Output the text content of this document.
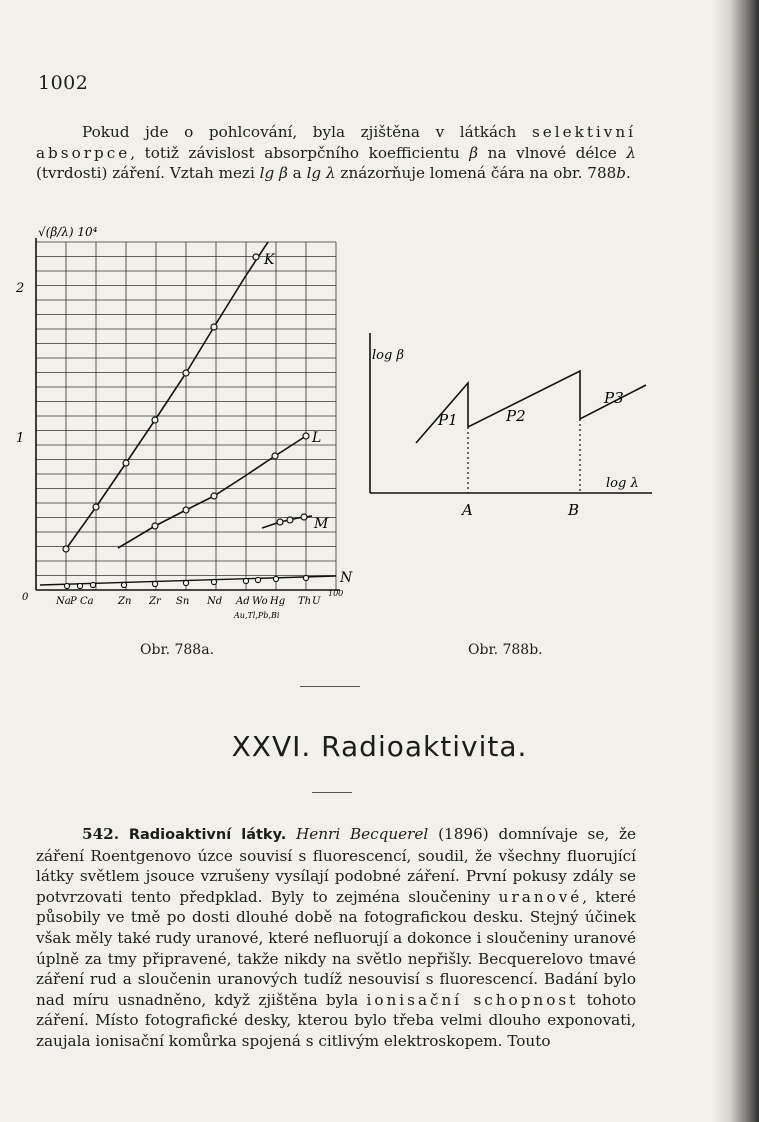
1002

Pokud jde o pohlcování, byla zjištěna v látkách selektivní absorpce, totiž závislost absorpčního koefficientu β na vlnové délce λ (tvrdosti) záření. Vztah mezi lg β a lg λ znázorňuje lomená čára na obr. 788b.

√(β/λ) 10⁴
2
1
0
K
L
M
N
100
Na P Ca Zn Zr Sn Nd Ad Wo Hg Th U
Au,Tl,Pb,Bi
Obr. 788a.
log β
log λ
P1	P2
P3
A	B
Obr. 788b.
XXVI. Radioaktivita.

542. Radioaktivní látky. Henri Becquerel (1896) domnívaje se, že záření Roentgenovo úzce souvisí s fluorescencí, soudil, že všechny fluorující látky světlem jsouce vzrušeny vysílají podobné záření. První pokusy zdály se potvrzovati tento předpklad. Byly to zejména sloučeniny uranové, které působily ve tmě po dosti dlouhé době na fotografickou desku. Stejný účinek však měly také rudy uranové, které nefluorují a dokonce i sloučeniny uranové úplně za tmy připravené, takže nikdy na světlo nepřišly. Becquerelovo tmavé záření rud a sloučenin uranových tudíž nesouvisí s fluorescencí. Badání bylo nad míru usnadněno, když zjištěna byla ionisační schopnost tohoto záření. Místo fotografické desky, kterou bylo třeba velmi dlouho exponovati, zaujala ionisační komůrka spojená s citlivým elektroskopem. Touto
